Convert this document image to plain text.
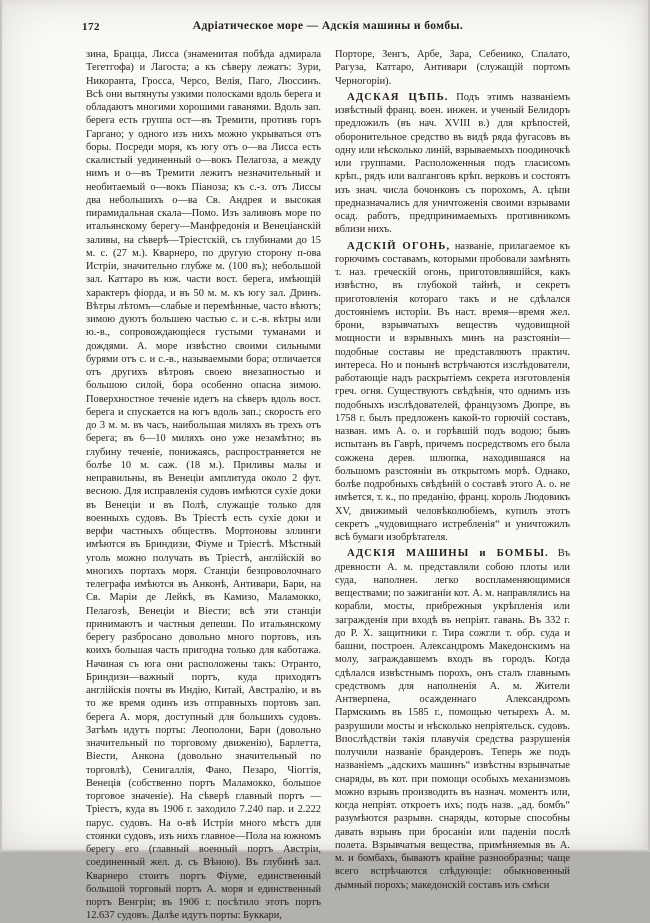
172	Адріатическое море — Адскія машины и бомбы.

зина, Брацца, Лисса (знаменитая побѣда адмирала Тегетгофа) и Лагоста; а къ сѣверу лежатъ: Зури, Никоранта, Гросса, Черсо, Велія, Паго, Люссинъ. Всѣ они вытянуты узкими полосками вдоль берега и обладаютъ многими хорошими гаванями. Вдоль зап. берега есть группа ост—въ Тремити, противъ горъ Гаргано; у одного изъ нихъ можно укрываться отъ боры. Посреди моря, къ югу отъ о—ва Лисса есть скалистый уединенный о—вокъ Пелагоза, а между нимъ и о—въ Тремити лежитъ незначительный и необитаемый о—вокъ Піаноза; къ с.-з. отъ Лиссы два небольшихъ о—ва Св. Андрея и высокая пирамидальная скала—Помо. Изъ заливовъ море по итальянскому берегу—Манфредонія и Венеціанскій заливы, на сѣверѣ—Тріестскій, съ глубинами до 15 м. с. (27 м.). Кварнеро, по другую сторону п-ова Истріи, значительно глубже м. (100 въ); небольшой зал. Каттаро въ юж. части вост. берега, имѣющій характеръ фіорда, и въ 50 м. м. къ югу зал. Дринъ. Вѣтры лѣтомъ—слабые и перемѣнные, часто вѣютъ; зимою дуютъ большею частью с. и с.-в. вѣтры или ю.-в., сопровождающіеся густыми туманами и дождями. А. море извѣстно своими сильными бурями отъ с. и с.-в., называемыми бора; отличается отъ другихъ вѣтровъ своею внезапностью и большою силой, бора особенно опасна зимою. Поверхностное теченіе идетъ на сѣверъ вдоль вост. берега и спускается на югъ вдоль зап.; скорость его до 3 м. м. въ часъ, наибольшая миляхъ въ трехъ отъ берега; въ 6—10 миляхъ оно уже незамѣтно; въ глубину теченіе, понижаясь, распространяется не болѣе 10 м. саж. (18 м.). Приливы малы и неправильны, въ Венеціи амплитуда около 2 фут. весною. Для исправленія судовъ имѣются сухіе доки въ Венеціи и въ Полѣ, служащіе только для военныхъ судовъ. Въ Тріестѣ есть сухіе доки и верфи частныхъ обществъ. Мортоновы эллинги имѣются въ Бриндизи, Фіуме и Тріестѣ. Мѣстный уголь можно получать въ Тріестѣ, англійскій во многихъ портахъ моря. Станціи безпроволочнаго телеграфа имѣются въ Анконѣ, Антивари, Бари, на Св. Маріи де Лейкѣ, въ Камизо, Маламокко, Пелагозѣ, Венеціи и Віести; всѣ эти станціи принимаютъ и частныя депеши. По итальянскому берегу разбросано довольно много портовъ, изъ коихъ большая часть пригодна только для каботажа. Начиная съ юга они расположены такъ: Отранто, Бриндизи—важный портъ, куда приходятъ англійскія почты въ Индію, Китай, Австралію, и въ то же время одинъ изъ отправныхъ портовъ зап. берега А. моря, доступный для большихъ судовъ. Затѣмъ идутъ порты: Леополони, Бари (довольно значительный по торговому движенію), Барлетта, Віести, Анкона (довольно значительный по торговлѣ), Сенигаллія, Фано, Пезаро, Чіоггія, Венеція (собственно портъ Маламокко, большое торговое значеніе). На сѣверѣ главный портъ — Тріестъ, куда въ 1906 г. заходило 7.240 пар. и 2.222 парус. судовъ. На о-вѣ Истріи много мѣстъ для стоянки судовъ, изъ нихъ главное—Пола на южномъ берегу его (главный военный портъ Австріи, соединенный жел. д. съ Вѣною). Въ глубинѣ зал. Кварнеро стоитъ портъ Фіуме, единственный большой торговый портъ А. моря и единственный портъ Венгріи; въ 1906 г. посѣтило этотъ портъ 12.637 судовъ. Далѣе идутъ порты: Буккари,

Порторе, Зенгъ, Арбе, Зара, Себенико, Спалато, Рагуза, Каттаро, Антивари (служащій портомъ Черногоріи).

АДСКАЯ ЦѢПЬ. Подъ этимъ названіемъ извѣстный франц. воен. инжен. и ученый Белидоръ предложилъ (въ нач. XVIII в.) для крѣпостей, оборонительное средство въ видѣ ряда фугасовъ въ одну или нѣсколько линій, взрываемыхъ поодиночкѣ или группами. Расположенныя подъ гласисомъ крѣп., рядъ или валганговъ крѣп. верковъ и состоятъ изъ знач. числа бочонковъ съ порохомъ, А. цѣпи предназначались для уничтоженія своими взрывами осад. работъ, предпринимаемыхъ противникомъ вблизи нихъ.

АДСКІЙ ОГОНЬ, названіе, прилагаемое къ горючимъ составамъ, которыми пробовали замѣнять т. наз. греческій огонь, приготовлявшійся, какъ извѣстно, въ глубокой тайнѣ, и секретъ приготовленія котораго такъ и не сдѣлался достояніемъ исторіи. Въ наст. время—время жел. брони, взрывчатыхъ веществъ чудовищной мощности и взрывныхъ минъ на разстояніи—подобные составы не представляютъ практич. интереса. Но и понынѣ встрѣчаются изслѣдователи, работающіе надъ раскрытіемъ секрета изготовленія греч. огня. Существуютъ свѣдѣнія, что однимъ изъ подобныхъ изслѣдователей, французомъ Дюпре, въ 1758 г. былъ предложенъ какой-то горючій составъ, назван. имъ А. о. и горѣвшій подъ водою; бывъ испытанъ въ Гаврѣ, причемъ посредствомъ его была сожжена дерев. шлюпка, находившаяся на большомъ разстояніи въ открытомъ морѣ. Однако, болѣе подробныхъ свѣдѣній о составѣ этого А. о. не имѣется, т. к., по преданію, франц. король Людовикъ XV, движимый человѣколюбіемъ, купилъ этотъ секретъ „чудовищнаго истребленія“ и уничтожилъ всѣ бумаги изобрѣтателя.

АДСКІЯ МАШИНЫ и БОМБЫ. Въ древности А. м. представляли собою плоты или суда, наполнен. легко воспламеняющимися веществами; по зажиганіи кот. А. м. направлялись на корабли, мосты, прибрежныя укрѣпленія или загражденія при входѣ въ непріят. гавань. Въ 332 г. до Р. Х. защитники г. Тира сожгли т. обр. суда и башни, построен. Александромъ Македонскимъ на молу, заграждавшемъ входъ въ городъ. Когда сдѣлался извѣстнымъ порохъ, онъ сталъ главнымъ средствомъ для наполненія А. м. Жители Антверпена, осажденнаго Александромъ Пармскимъ въ 1585 г., помощью четырехъ А. м. разрушили мосты и нѣсколько непріятельск. судовъ. Впослѣдствіи такія плавучія средства разрушенія получили названіе брандеровъ. Теперь же подъ названіемъ „адскихъ машинъ“ извѣстны взрывчатые снаряды, въ кот. при помощи особыхъ механизмовъ можно взрывъ производить въ назнач. моментъ или, когда непріят. откроетъ ихъ; подъ назв. „ад. бомбъ“ разумѣются разрывн. снаряды, которые способны давать взрывъ при бросаніи или паденіи послѣ полета. Взрывчатыя вещества, примѣняемыя въ А. м. и бомбахъ, бываютъ крайне разнообразны; чаще всего встрѣчаются слѣдующіе: обыкновенный дымный порохъ; македонскій составъ изъ смѣси
